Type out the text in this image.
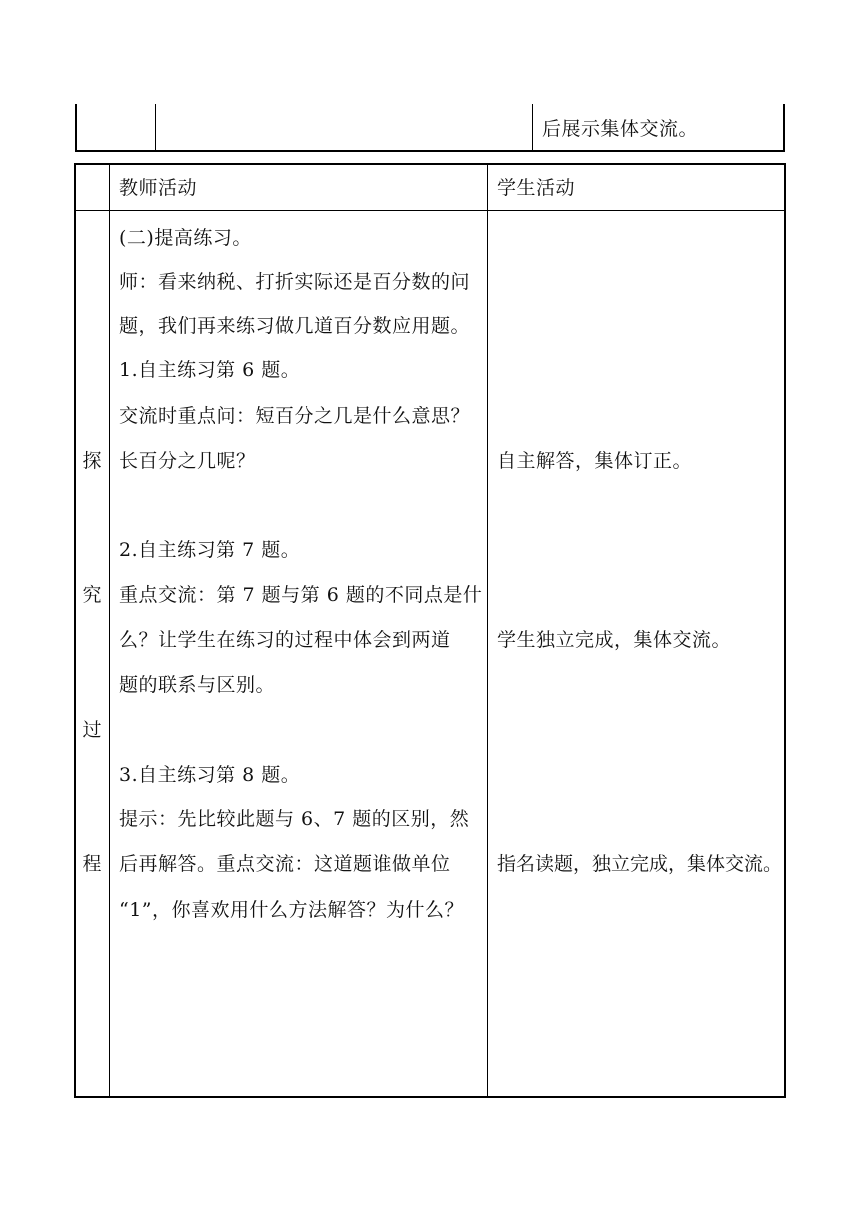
后展示集体交流。
教师活动	学生活动
探
究
过
程
(二)提高练习。
师：看来纳税、打折实际还是百分数的问
题，我们再来练习做几道百分数应用题。
1.自主练习第 6 题。
交流时重点问：短百分之几是什么意思？
长百分之几呢？
2.自主练习第 7 题。
重点交流：第 7 题与第 6 题的不同点是什
么？让学生在练习的过程中体会到两道
题的联系与区别。
3.自主练习第 8 题。
提示：先比较此题与 6、7 题的区别，然
后再解答。重点交流：这道题谁做单位
“1”，你喜欢用什么方法解答？为什么？
自主解答，集体订正。
学生独立完成，集体交流。
指名读题，独立完成，集体交流。
